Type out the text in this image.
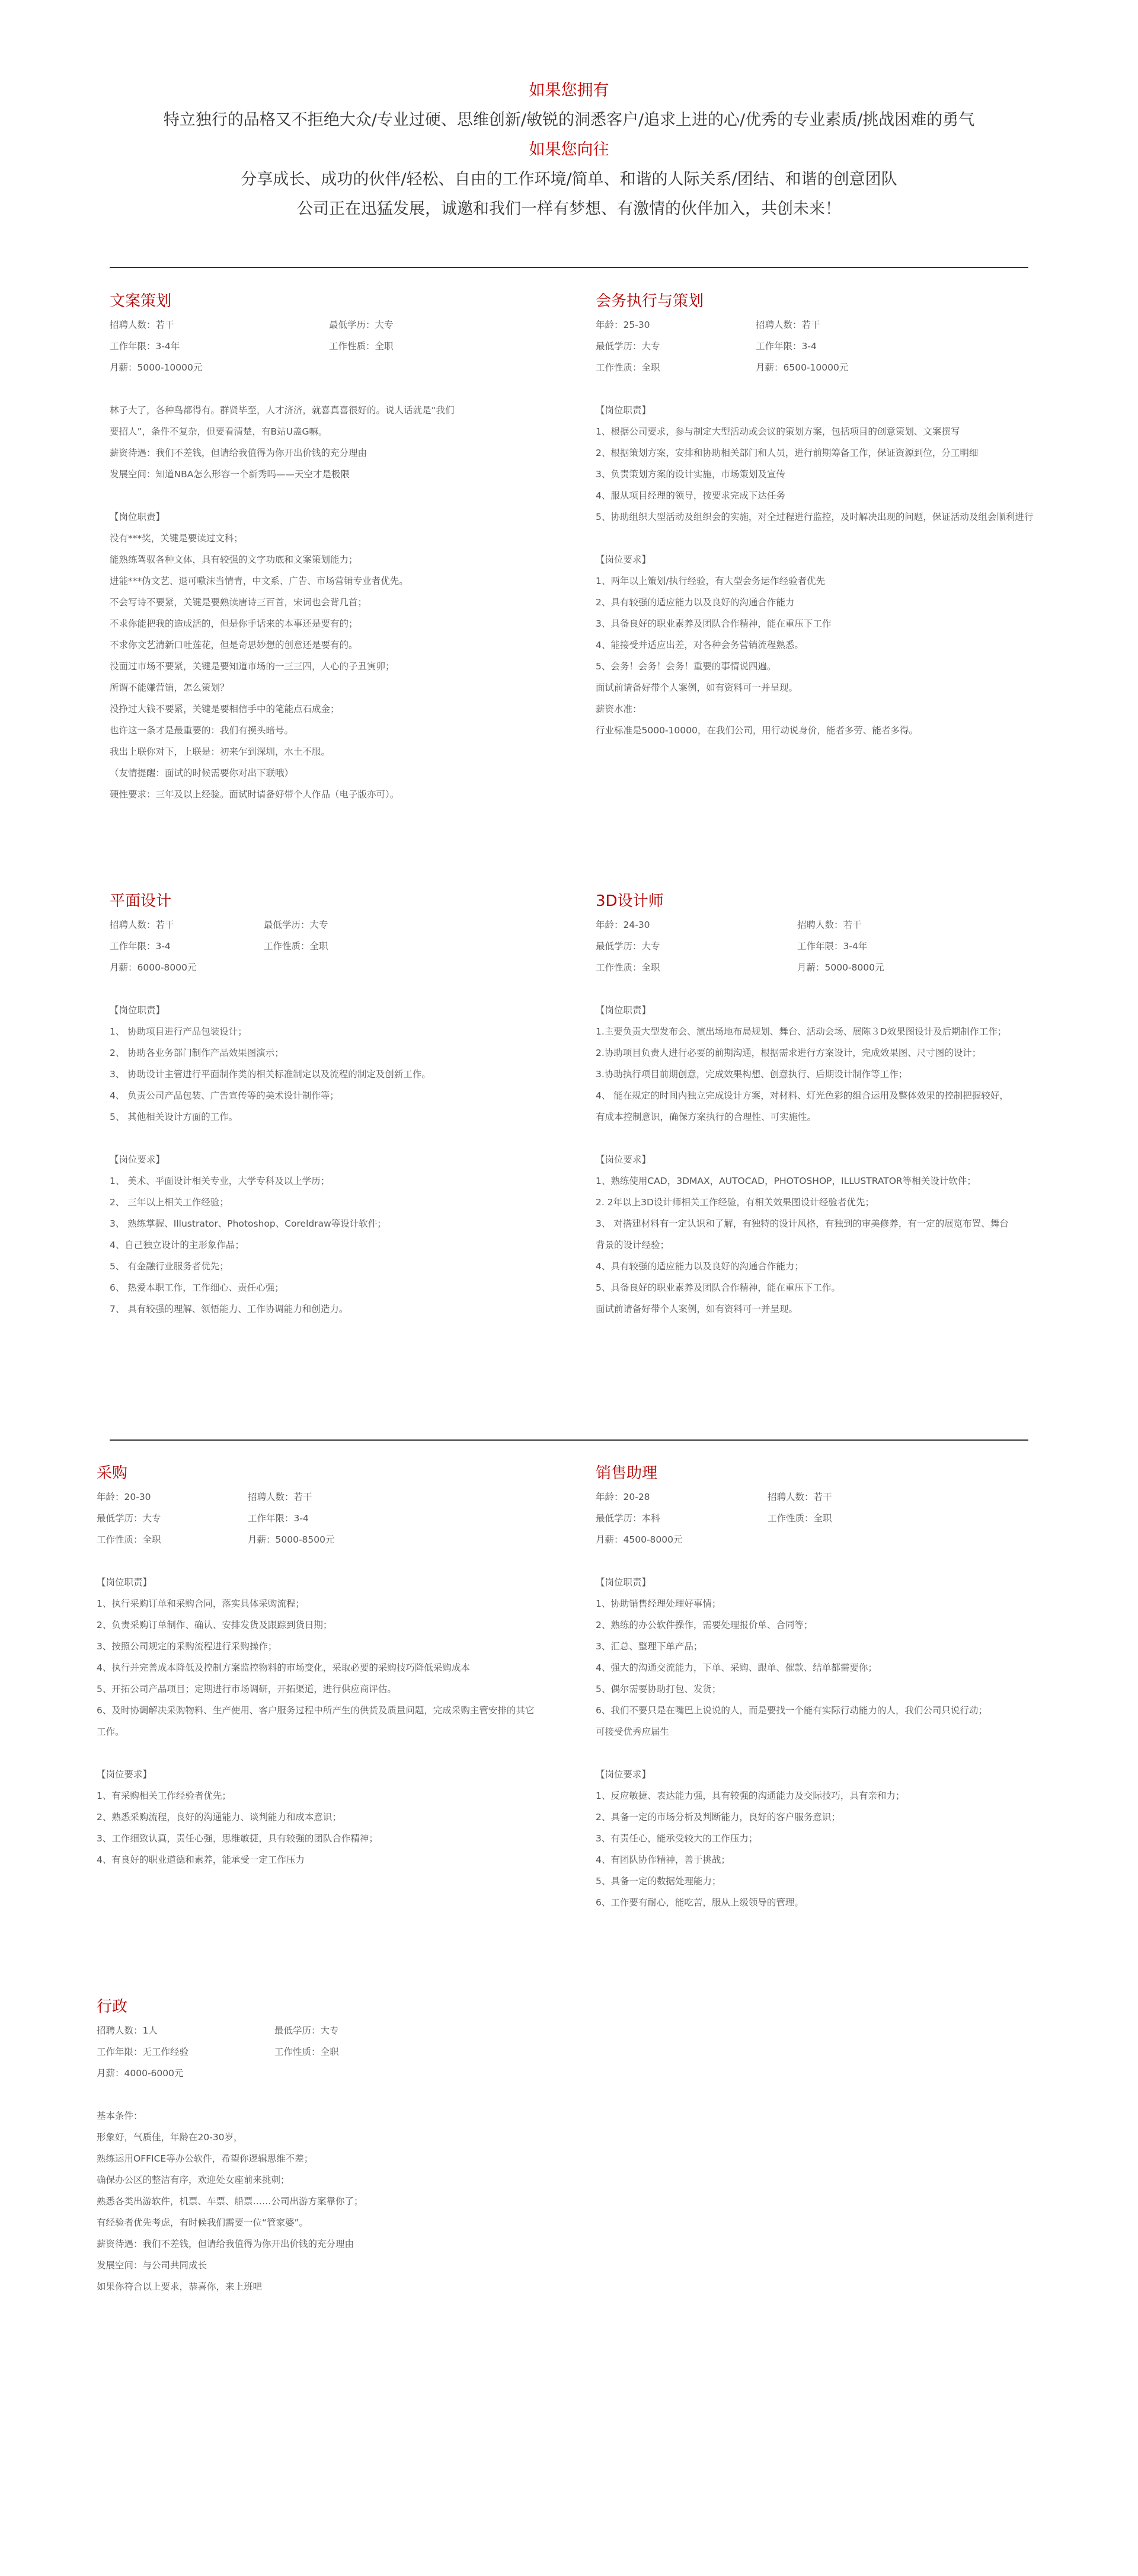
如果您拥有
特立独行的品格又不拒绝大众/专业过硬、思维创新/敏锐的洞悉客户/追求上进的心/优秀的专业素质/挑战困难的勇气
如果您向往
分享成长、成功的伙伴/轻松、自由的工作环境/简单、和谐的人际关系/团结、和谐的创意团队
公司正在迅猛发展，诚邀和我们一样有梦想、有激情的伙伴加入，共创未来！
文案策划
招聘人数：若干	最低学历：大专
工作年限：3-4年	工作性质：全职
月薪：5000-10000元
林子大了，各种鸟都得有。群贤毕至，人才济济，就喜真喜很好的。说人话就是“我们
要招人”，条件不复杂，但要看清楚，有B站U盖G嘛。
薪资待遇：我们不差钱，但请给我值得为你开出价钱的充分理由
发展空间：知道NBA怎么形容一个新秀吗——天空才是极限
【岗位职责】
没有***奖，关键是要读过文科；
能熟练驾驭各种文体，具有较强的文字功底和文案策划能力；
进能***伪文艺、退可嗷沫当情青，中文系、广告、市场营销专业者优先。
不会写诗不要紧，关键是要熟读唐诗三百首，宋词也会背几首；
不求你能把我的造成活的，但是你手话来的本事还是要有的；
不求你文艺清新口吐莲花，但是奇思妙想的创意还是要有的。
没面过市场不要紧，关键是要知道市场的一三三四，人心的子丑寅卯；
所谓不能嫌营销，怎么策划？
没挣过大钱不要紧，关键是要相信手中的笔能点石成金；
也许这一条才是最重要的：我们有摸头暗号。
我出上联你对下，上联是：初来乍到深圳，水土不服。
（友情提醒：面试的时候需要你对出下联哦）
硬性要求：三年及以上经验。面试时请备好带个人作品（电子版亦可）。
会务执行与策划
年龄：25-30	招聘人数：若干
最低学历：大专	工作年限：3-4
工作性质：全职	月薪：6500-10000元
【岗位职责】
1、根据公司要求，参与制定大型活动或会议的策划方案，包括项目的创意策划、文案撰写
2、根据策划方案，安排和协助相关部门和人员，进行前期筹备工作，保证资源到位，分工明细
3、负责策划方案的设计实施，市场策划及宣传
4、服从项目经理的领导，按要求完成下达任务
5、协助组织大型活动及组织会的实施，对全过程进行监控，及时解决出现的问题，保证活动及组会顺利进行
【岗位要求】
1、两年以上策划/执行经验，有大型会务运作经验者优先
2、具有较强的适应能力以及良好的沟通合作能力
3、具备良好的职业素养及团队合作精神，能在重压下工作
4、能接受并适应出差，对各种会务营销流程熟悉。
5、会务！会务！会务！重要的事情说四遍。
面试前请备好带个人案例，如有资料可一并呈现。
薪资水准：
行业标准是5000-10000，在我们公司，用行动说身价，能者多劳、能者多得。
平面设计
招聘人数：若干	最低学历：大专
工作年限：3-4	工作性质：全职
月薪：6000-8000元
【岗位职责】
1、 协助项目进行产品包装设计；
2、 协助各业务部门制作产品效果图演示；
3、 协助设计主管进行平面制作类的相关标准制定以及流程的制定及创新工作。
4、 负责公司产品包装、广告宣传等的美术设计制作等；
5、 其他相关设计方面的工作。
【岗位要求】
1、 美术、平面设计相关专业，大学专科及以上学历；
2、 三年以上相关工作经验；
3、 熟练掌握、Illustrator、Photoshop、Coreldraw等设计软件；
4、自己独立设计的主形象作品；
5、 有金融行业服务者优先；
6、 热爱本职工作，工作细心、责任心强；
7、 具有较强的理解、领悟能力、工作协调能力和创造力。
3D设计师
年龄：24-30	招聘人数：若干
最低学历：大专	工作年限：3-4年
工作性质：全职	月薪：5000-8000元
【岗位职责】
1.主要负责大型发布会、演出场地布局规划、舞台、活动会场、展陈３D效果图设计及后期制作工作；
2.协助项目负责人进行必要的前期沟通，根据需求进行方案设计，完成效果图、尺寸图的设计；
3.协助执行项目前期创意，完成效果构想、创意执行、后期设计制作等工作；
4、 能在规定的时间内独立完成设计方案，对材料、灯光色彩的组合运用及整体效果的控制把握较好，有成本控制意识，确保方案执行的合理性、可实施性。
【岗位要求】
1、熟练使用CAD，3DMAX，AUTOCAD，PHOTOSHOP，ILLUSTRATOR等相关设计软件；
2. 2年以上3D设计师相关工作经验，有相关效果图设计经验者优先；
3、 对搭建材料有一定认识和了解，有独特的设计风格，有独到的审美修养，有一定的展览布置、舞台背景的设计经验；
4、具有较强的适应能力以及良好的沟通合作能力；
5、具备良好的职业素养及团队合作精神，能在重压下工作。
面试前请备好带个人案例，如有资料可一并呈现。
采购
年龄：20-30	招聘人数：若干
最低学历：大专	工作年限：3-4
工作性质：全职	月薪：5000-8500元
【岗位职责】
1、执行采购订单和采购合同，落实具体采购流程；
2、负责采购订单制作、确认、安排发货及跟踪到货日期；
3、按照公司规定的采购流程进行采购操作；
4、执行并完善成本降低及控制方案监控物料的市场变化，采取必要的采购技巧降低采购成本
5、开拓公司产品项目；定期进行市场调研，开拓渠道，进行供应商评估。
6、及时协调解决采购物料、生产使用、客户服务过程中所产生的供货及质量问题，完成采购主管安排的其它工作。
【岗位要求】
1、有采购相关工作经验者优先；
2、熟悉采购流程，良好的沟通能力、谈判能力和成本意识；
3、工作细致认真，责任心强，思维敏捷，具有较强的团队合作精神；
4、有良好的职业道德和素养，能承受一定工作压力
销售助理
年龄：20-28	招聘人数：若干
最低学历：本科	工作性质：全职
月薪：4500-8000元
【岗位职责】
1、协助销售经理处理好事情；
2、熟练的办公软件操作，需要处理报价单、合同等；
3、汇总、整理下单产品；
4、强大的沟通交流能力，下单、采购、跟单、催款、结单都需要你；
5、偶尔需要协助打包、发货；
6、我们不要只是在嘴巴上说说的人，而是要找一个能有实际行动能力的人，我们公司只说行动；
可接受优秀应届生
【岗位要求】
1、反应敏捷、表达能力强，具有较强的沟通能力及交际技巧，具有亲和力；
2、具备一定的市场分析及判断能力，良好的客户服务意识；
3、有责任心，能承受较大的工作压力；
4、有团队协作精神，善于挑战；
5、具备一定的数据处理能力；
6、工作要有耐心，能吃苦，服从上级领导的管理。
行政
招聘人数：1人	最低学历：大专
工作年限：无工作经验	工作性质：全职
月薪：4000-6000元
基本条件：
形象好，气质佳，年龄在20-30岁，
熟练运用OFFICE等办公软件，希望你逻辑思维不差；
确保办公区的整洁有序，欢迎处女座前来挑刺；
熟悉各类出游软件，机票、车票、船票……公司出游方案靠你了；
有经验者优先考虑，有时候我们需要一位“管家婆”。
薪资待遇：我们不差钱，但请给我值得为你开出价钱的充分理由
发展空间：与公司共同成长
如果你符合以上要求，恭喜你，来上班吧
